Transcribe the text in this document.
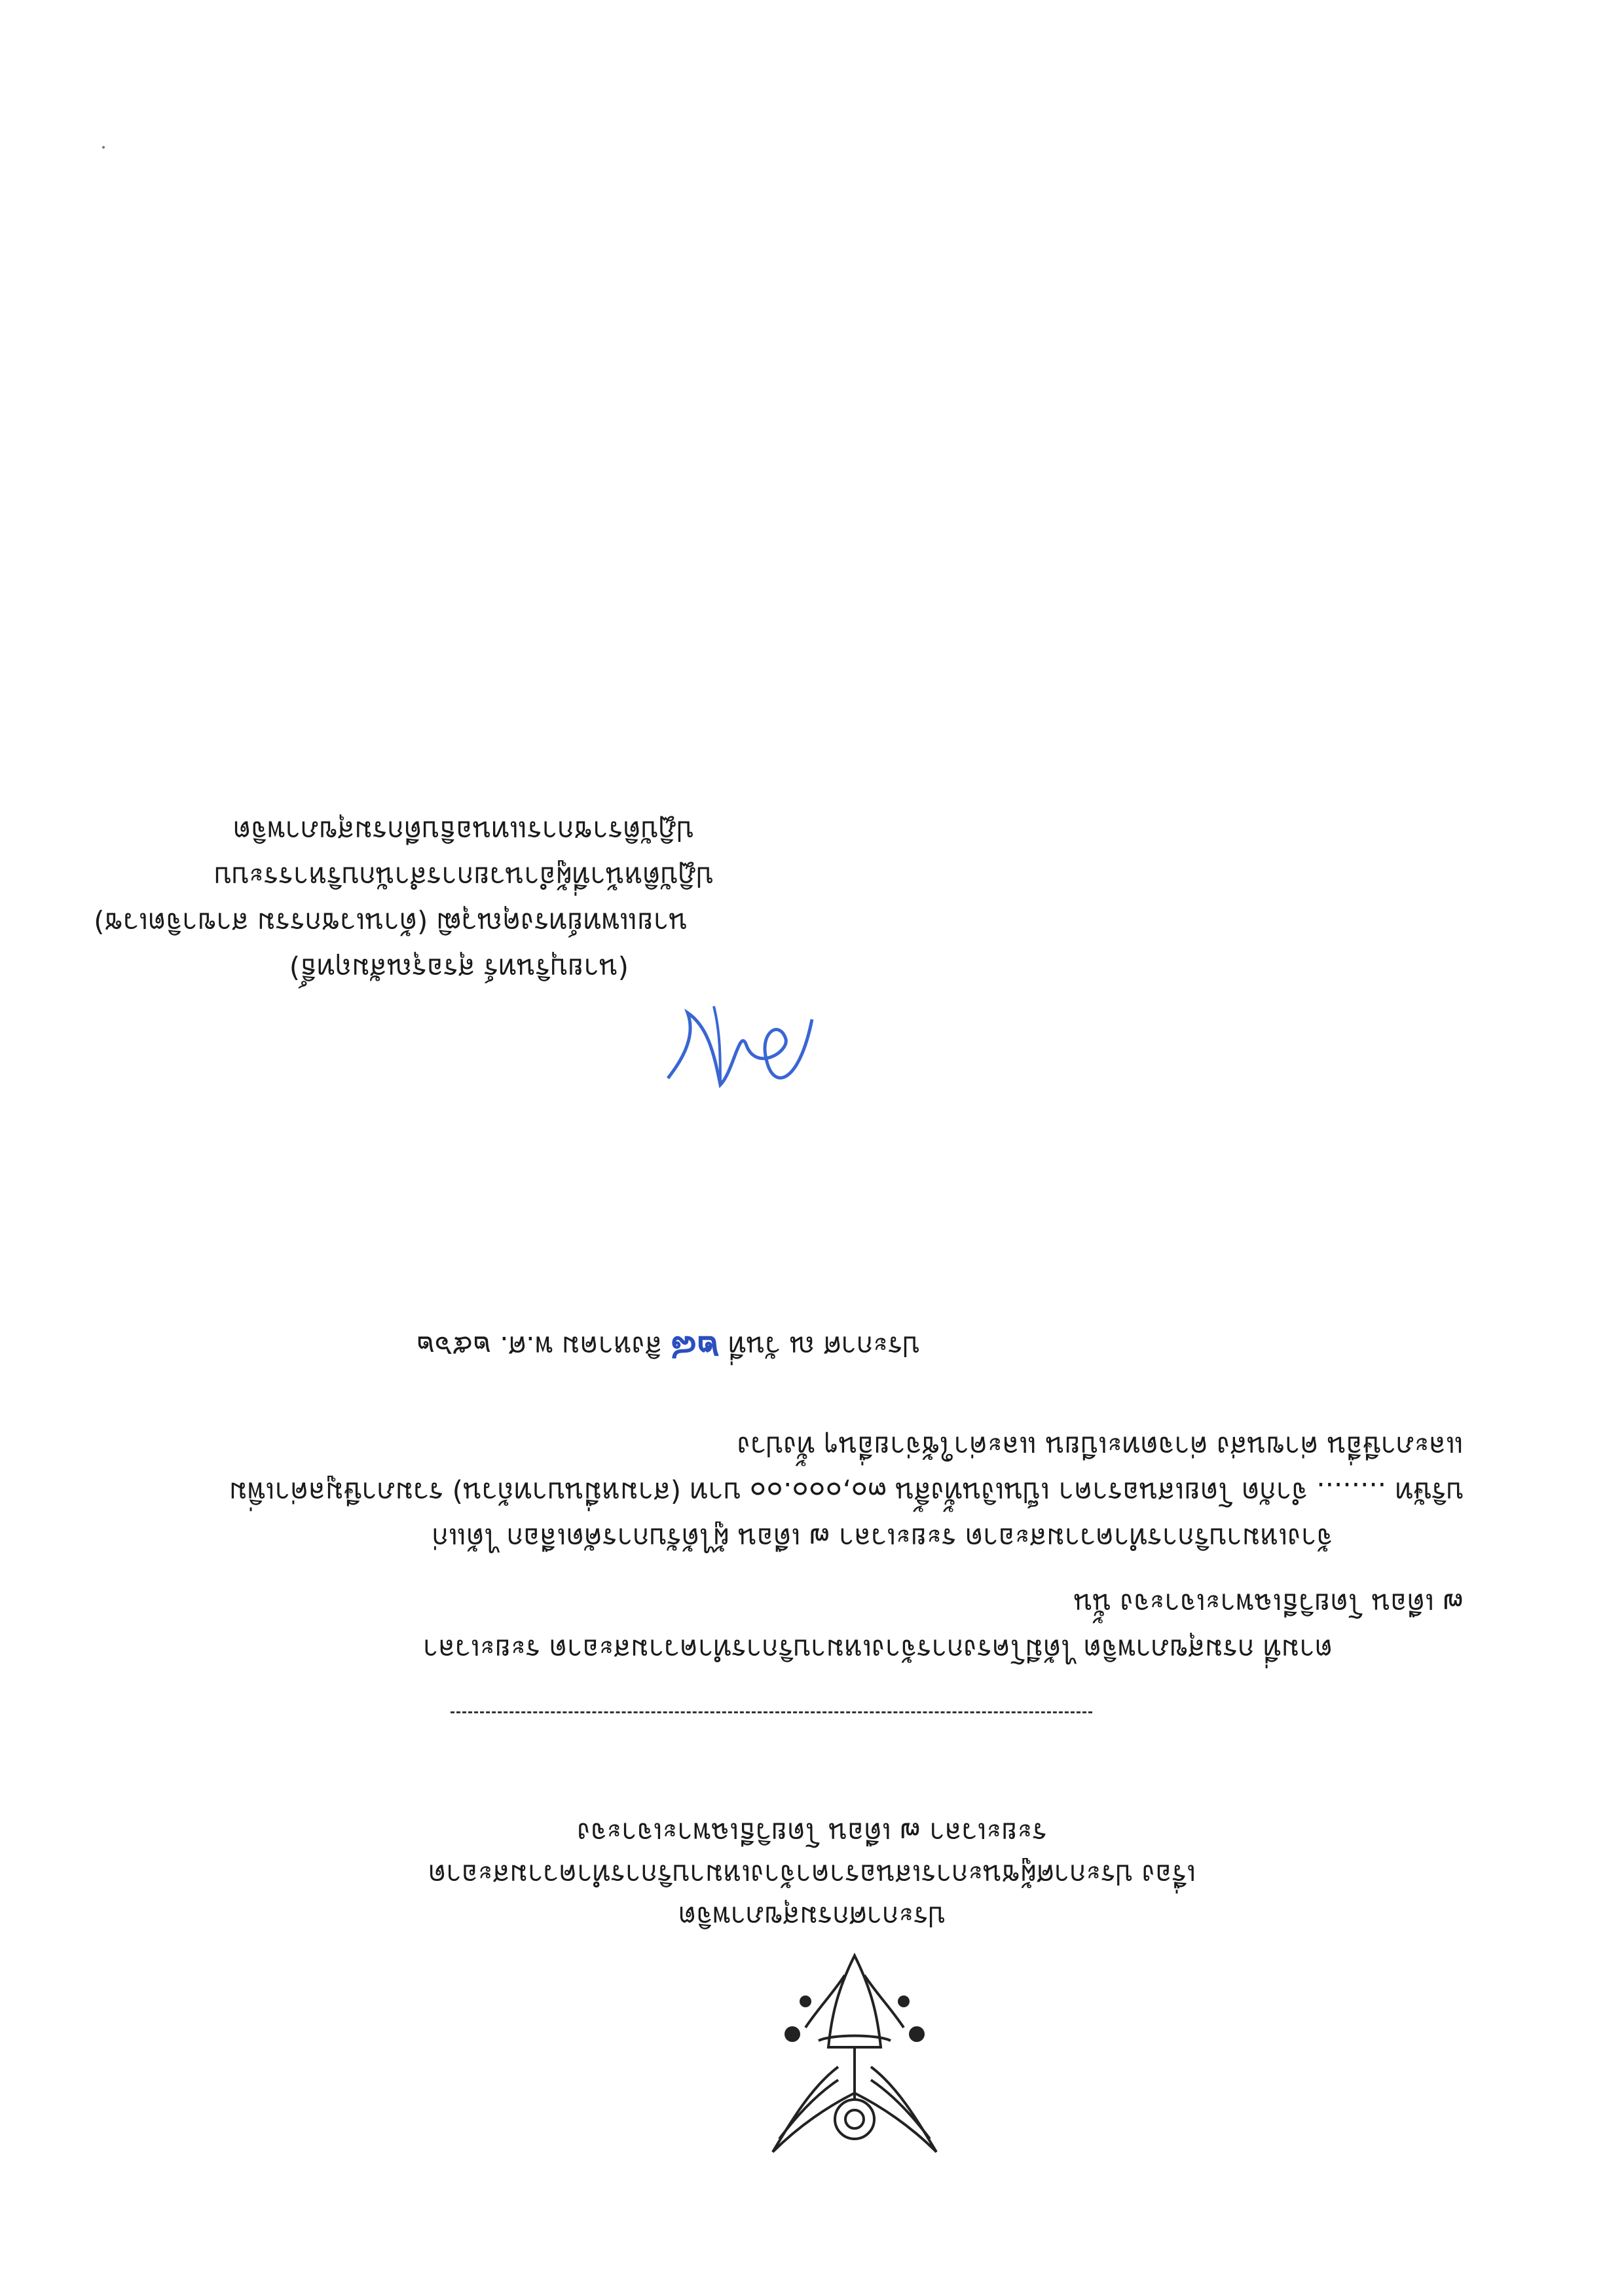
ประกาศกรมสุขภาพจิต
เรื่อง ประกาศผู้ชนะการเสนอราคาจ้างเหมาบริการทำความสะอาด
ระยะเวลา ๗ เดือน โดยวิธีเฉพาะเจาะจง
ตามที่ กรมสุขภาพจิต ได้มีโครงการจ้างเหมาบริการทำความสะอาด ระยะเวลา
๗ เดือน โดยวิธีเฉพาะเจาะจง นั้น
จ้างเหมาบริการทำความสะอาด ระยะเวลา ๗ เดือน ผู้ได้รับการคัดเลือก ได้แก่
บริษัท ........ จำกัด โดยเสนอราคา เป็นเงินทั้งสิ้น ๓๐,๐๐๐.๐๐ บาท (สามหมื่นบาทถ้วน) รวมภาษีมูลค่าเพิ่ม
และภาษีอื่น ค่าขนส่ง ค่าจดทะเบียน และค่าใช้จ่ายอื่นๆ ทั้งปวง
ประกาศ ณ วันที่ ๒๘ สิงหาคม พ.ศ. ๒๕๖๒
(นายบุรินทร์ สุรอรุณสัมฤทธิ์)
นายแพทย์ทรงคุณวุฒิ (ด้านเวชกรรม สาขาจิตเวช)
ปฏิบัติหน้าที่ผู้อำนวยการสำนักบริหารระบบ
ปฏิบัติราชการแทนอธิบดีกรมสุขภาพจิต
